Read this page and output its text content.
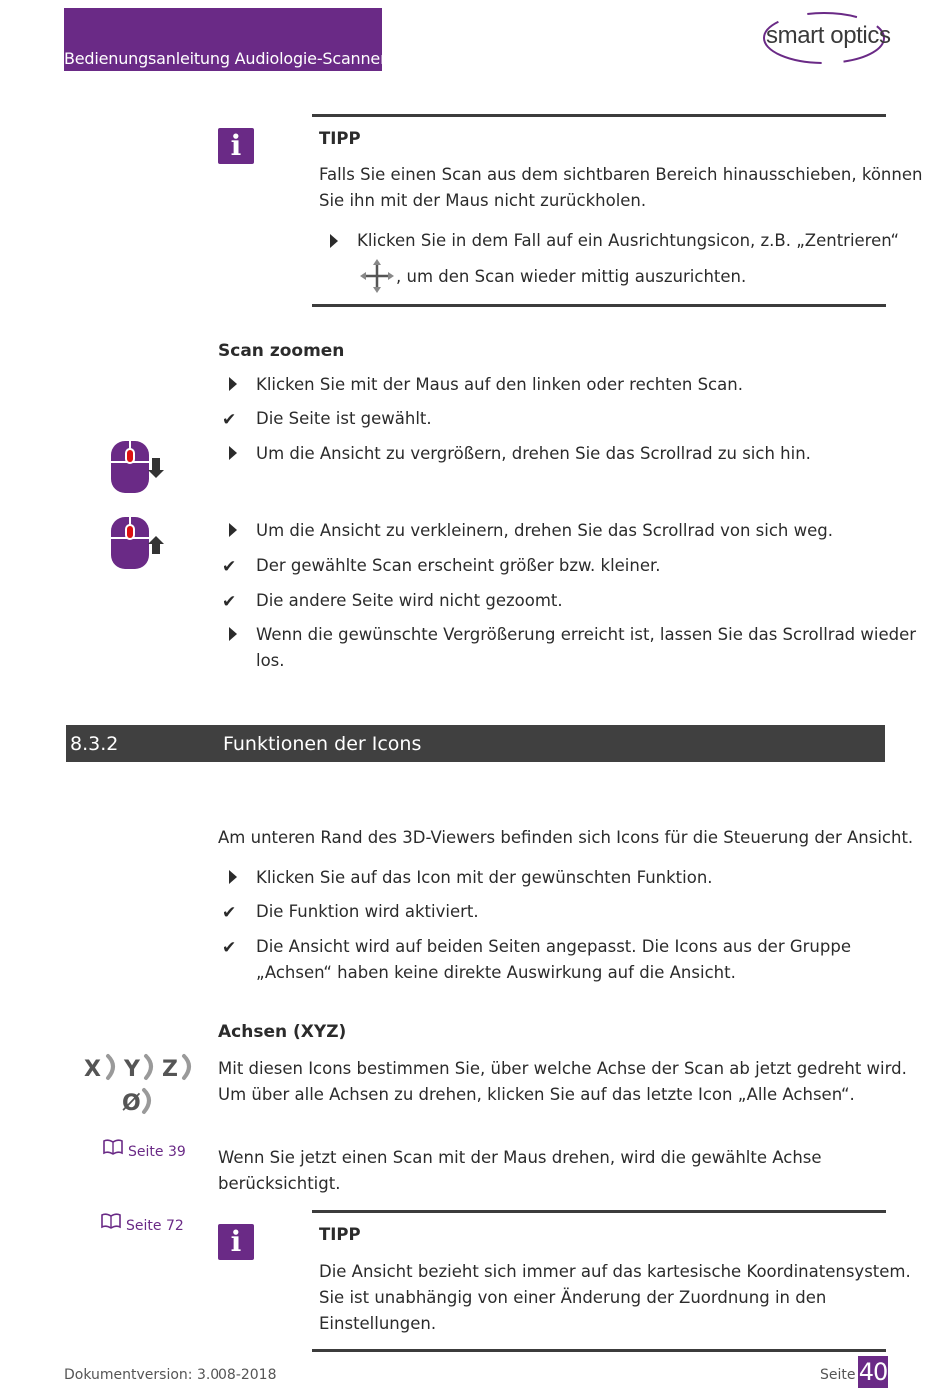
Bedienungsanleitung Audiologie-Scanner
smart optics
i	TIPP
Falls Sie einen Scan aus dem sichtbaren Bereich hinausschieben, können
Sie ihn mit der Maus nicht zurückholen.
Klicken Sie in dem Fall auf ein Ausrichtungsicon, z.B. „Zentrieren“
, um den Scan wieder mittig auszurichten.
Scan zoomen
Klicken Sie mit der Maus auf den linken oder rechten Scan.
✔ Die Seite ist gewählt.
Um die Ansicht zu vergrößern, drehen Sie das Scrollrad zu sich hin.
Um die Ansicht zu verkleinern, drehen Sie das Scrollrad von sich weg.
✔ Der gewählte Scan erscheint größer bzw. kleiner.
✔ Die andere Seite wird nicht gezoomt.
Wenn die gewünschte Vergrößerung erreicht ist, lassen Sie das Scrollrad wieder
los.
8.3.2	Funktionen der Icons
Am unteren Rand des 3D-Viewers befinden sich Icons für die Steuerung der Ansicht.
Klicken Sie auf das Icon mit der gewünschten Funktion.
✔ Die Funktion wird aktiviert.
✔ Die Ansicht wird auf beiden Seiten angepasst. Die Icons aus der Gruppe
„Achsen“ haben keine direkte Auswirkung auf die Ansicht.
Achsen (XYZ)
X Y Z
Ø
Mit diesen Icons bestimmen Sie, über welche Achse der Scan ab jetzt gedreht wird.
Um über alle Achsen zu drehen, klicken Sie auf das letzte Icon „Alle Achsen“.
Seite 39
Seite 72
Wenn Sie jetzt einen Scan mit der Maus drehen, wird die gewählte Achse
berücksichtigt.
i	TIPP
Die Ansicht bezieht sich immer auf das kartesische Koordinatensystem.
Sie ist unabhängig von einer Änderung der Zuordnung in den
Einstellungen.
Dokumentversion: 3.0
08-2018	Seite 40
